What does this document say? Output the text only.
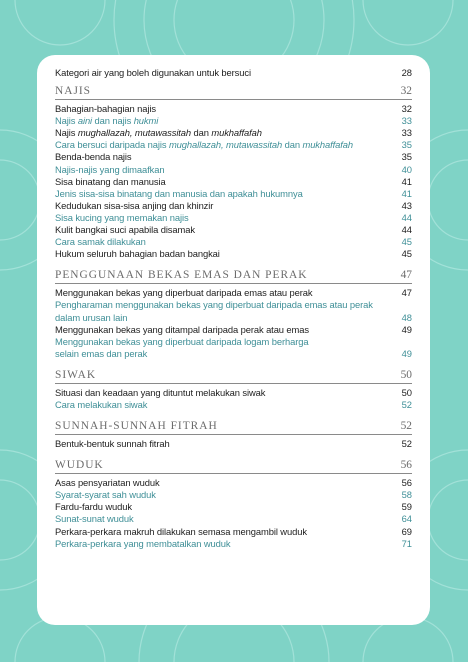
Kategori air yang boleh digunakan untuk bersuci	28
NAJIS	32
Bahagian-bahagian najis	32
Najis aini dan najis hukmi	33
Najis mughallazah, mutawassitah dan mukhaffafah	33
Cara bersuci daripada najis mughallazah, mutawassitah dan mukhaffafah	35
Benda-benda najis	35
Najis-najis yang dimaafkan	40
Sisa binatang dan manusia	41
Jenis sisa-sisa binatang dan manusia dan apakah hukumnya	41
Kedudukan sisa-sisa anjing dan khinzir	43
Sisa kucing yang memakan najis	44
Kulit bangkai suci apabila disamak	44
Cara samak dilakukan	45
Hukum seluruh bahagian badan bangkai	45
PENGGUNAAN BEKAS EMAS DAN PERAK	47
Menggunakan bekas yang diperbuat daripada emas atau perak	47
Pengharaman menggunakan bekas yang diperbuat daripada emas atau perak
dalam urusan lain	48
Menggunakan bekas yang ditampal daripada perak atau emas	49
Menggunakan bekas yang diperbuat daripada logam berharga
selain emas dan perak	49
SIWAK	50
Situasi dan keadaan yang dituntut melakukan siwak	50
Cara melakukan siwak	52
SUNNAH-SUNNAH FITRAH	52
Bentuk-bentuk sunnah fitrah	52
WUDUK	56
Asas pensyariatan wuduk	56
Syarat-syarat sah wuduk	58
Fardu-fardu wuduk	59
Sunat-sunat wuduk	64
Perkara-perkara makruh dilakukan semasa mengambil wuduk	69
Perkara-perkara yang membatalkan wuduk	71
